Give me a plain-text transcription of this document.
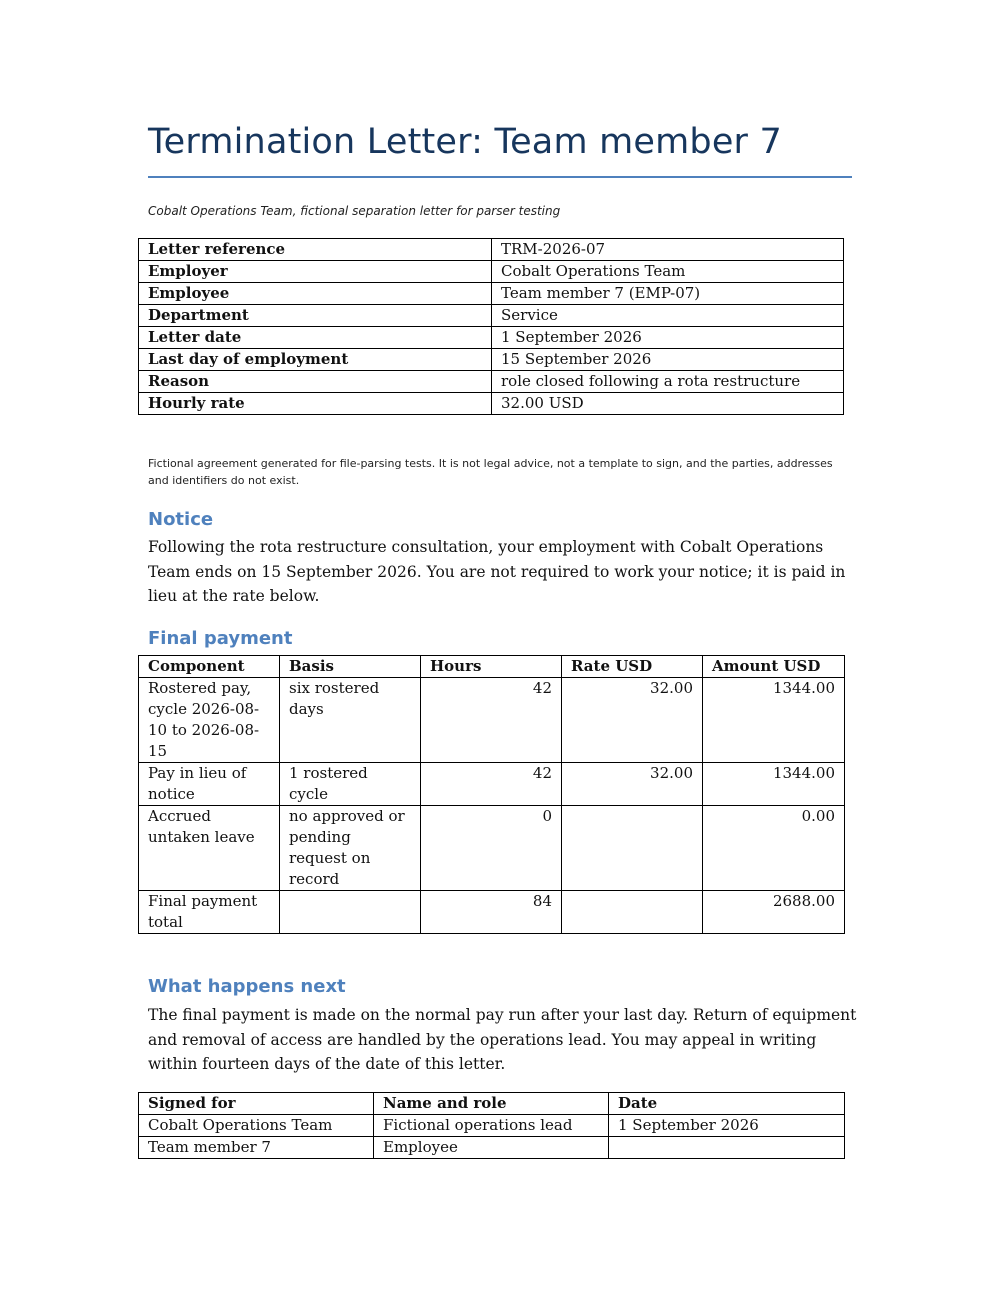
Termination Letter: Team member 7

Cobalt Operations Team, fictional separation letter for parser testing

Letter reference	TRM-2026-07
Employer	Cobalt Operations Team
Employee	Team member 7 (EMP-07)
Department	Service
Letter date	1 September 2026
Last day of employment	15 September 2026
Reason	role closed following a rota restructure
Hourly rate	32.00 USD

Fictional agreement generated for file-parsing tests. It is not legal advice, not a template to sign, and the parties, addresses and identifiers do not exist.

Notice

Following the rota restructure consultation, your employment with Cobalt Operations Team ends on 15 September 2026. You are not required to work your notice; it is paid in lieu at the rate below.

Final payment
Component	Basis	Hours	Rate USD	Amount USD
Rostered pay, cycle 2026-08-10 to 2026-08-15	six rostered days	42	32.00	1344.00
Pay in lieu of notice	1 rostered cycle	42	32.00	1344.00
Accrued untaken leave	no approved or pending request on record	0		0.00
Final payment total		84		2688.00
What happens next

The final payment is made on the normal pay run after your last day. Return of equipment and removal of access are handled by the operations lead. You may appeal in writing within fourteen days of the date of this letter.

Signed for	Name and role	Date
Cobalt Operations Team	Fictional operations lead	1 September 2026
Team member 7	Employee	
